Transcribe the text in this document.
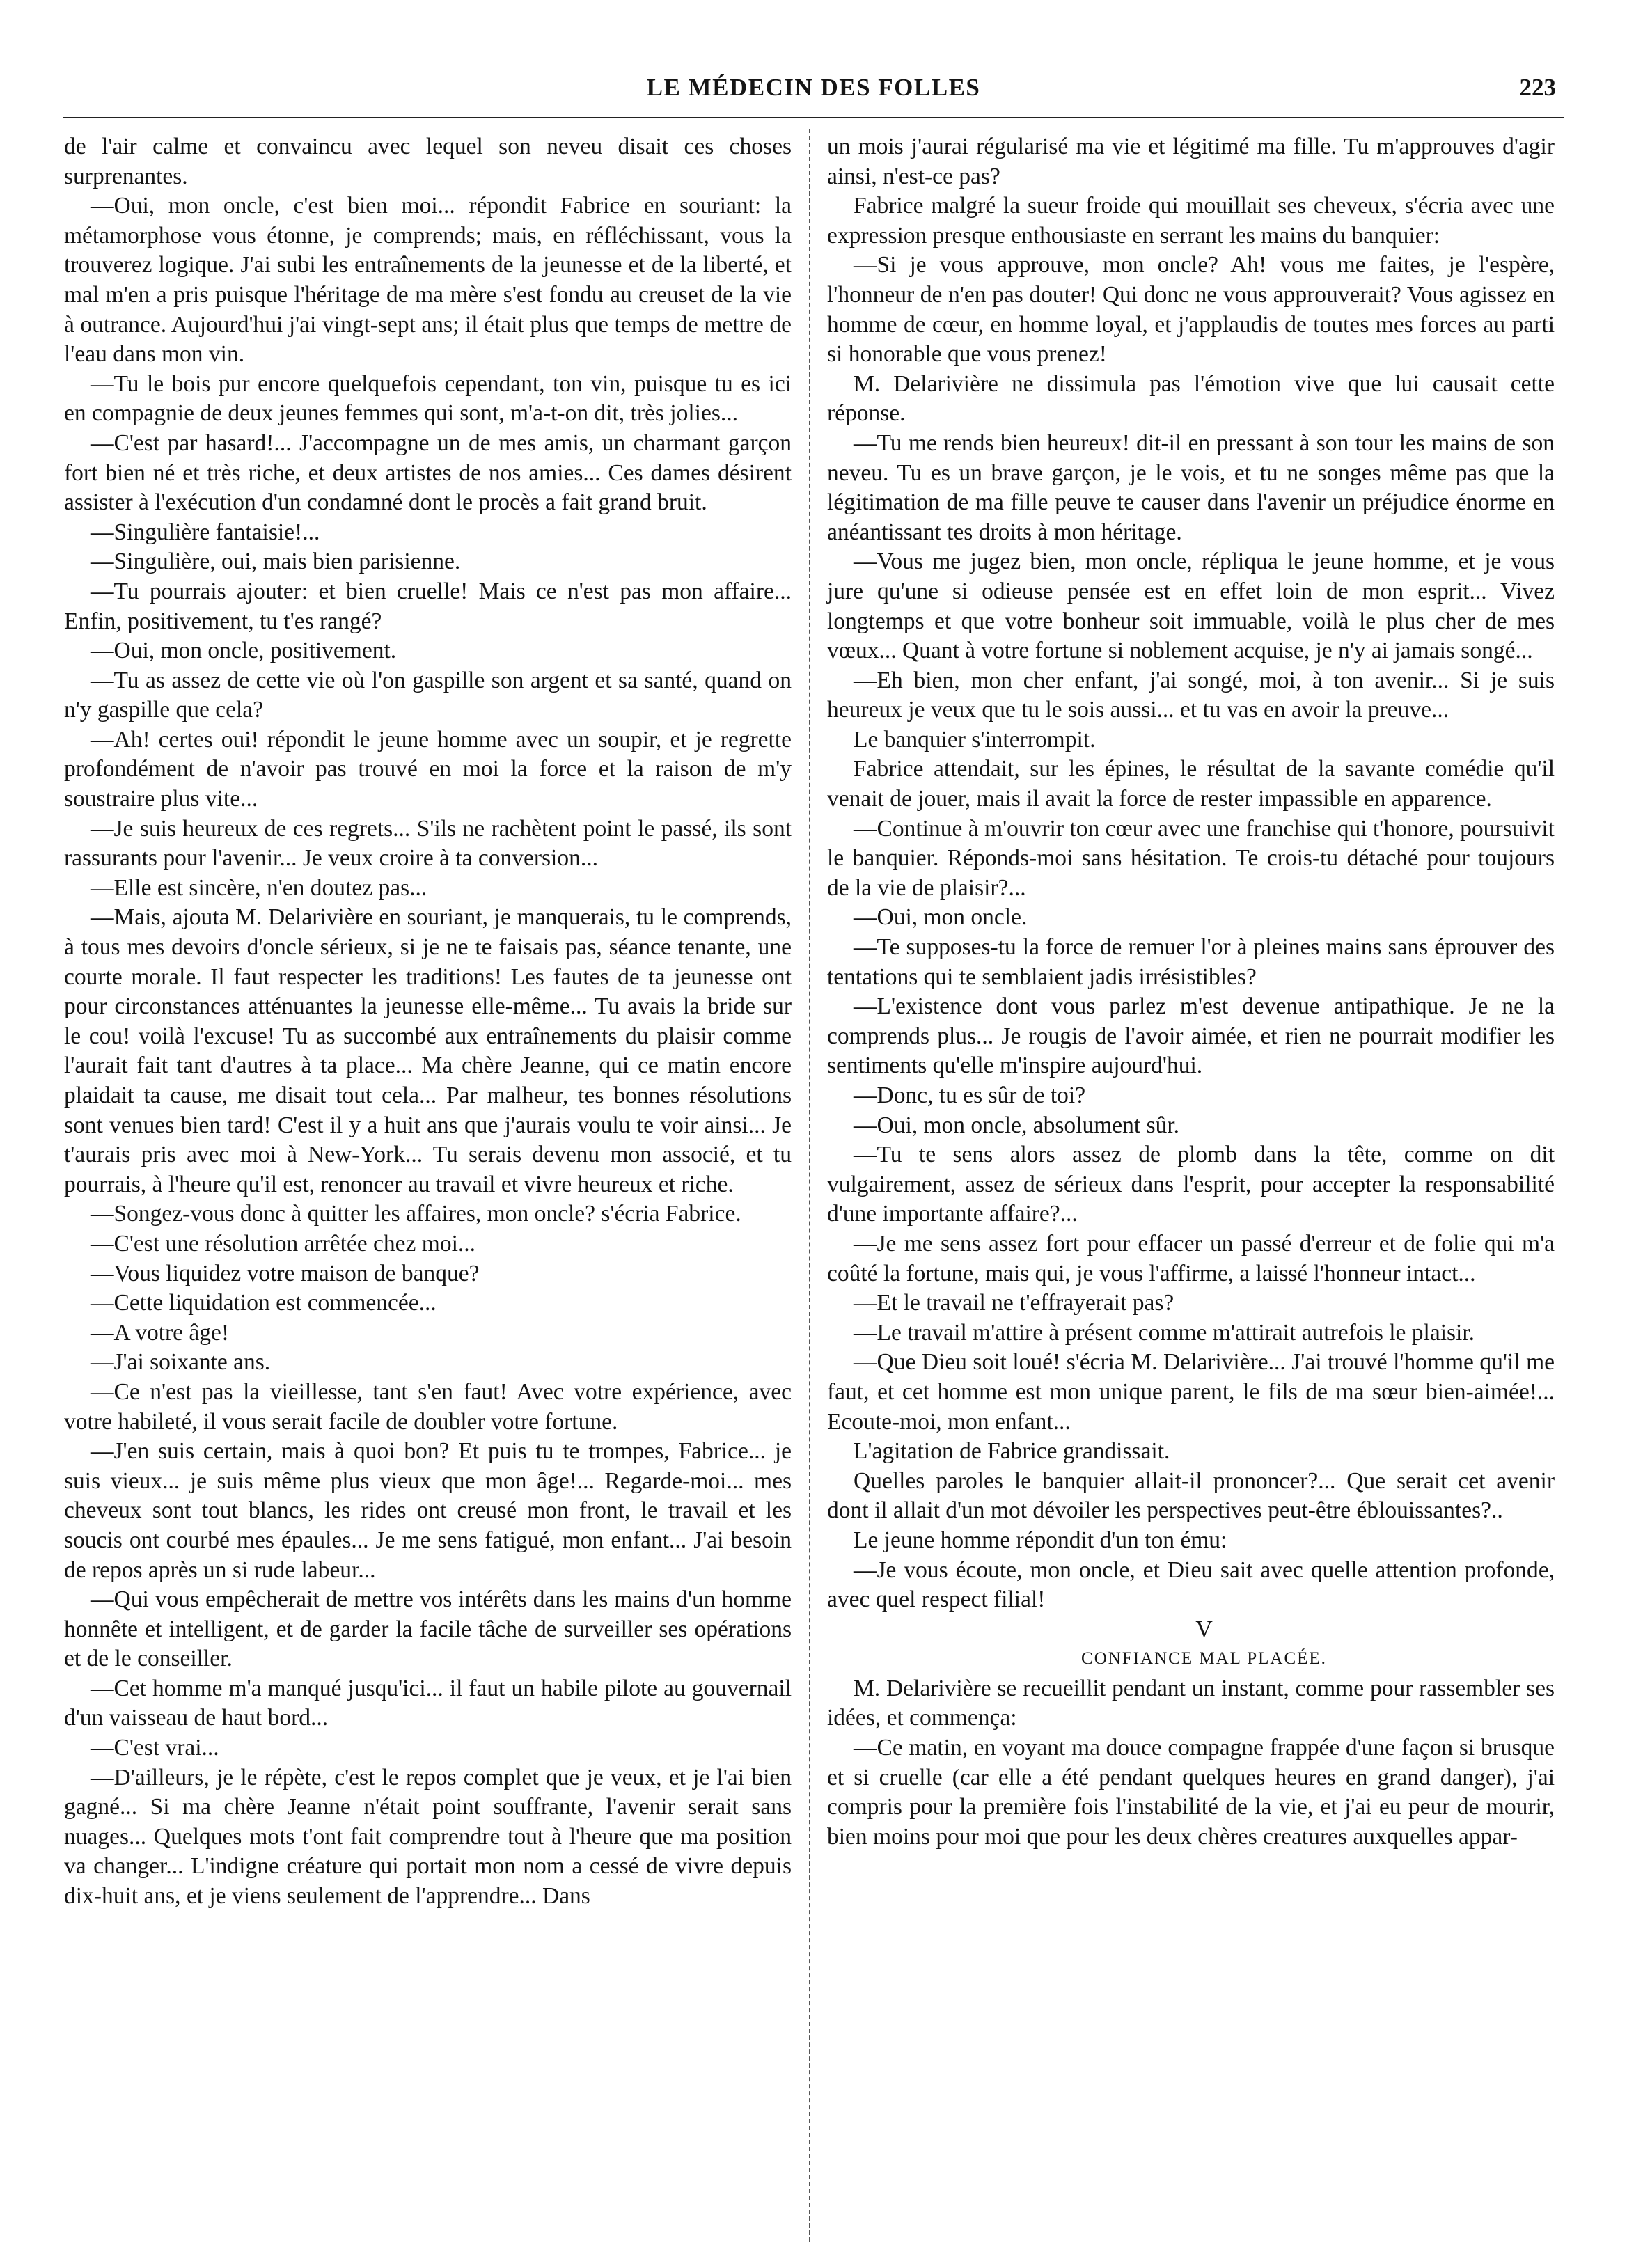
LE MÉDECIN DES FOLLES	223

de l'air calme et convaincu avec lequel son neveu disait ces choses surprenantes.

—Oui, mon oncle, c'est bien moi... répondit Fabrice en souriant: la métamorphose vous étonne, je comprends; mais, en réfléchissant, vous la trouverez logique. J'ai subi les entraînements de la jeunesse et de la liberté, et mal m'en a pris puisque l'héritage de ma mère s'est fondu au creuset de la vie à outrance. Aujourd'hui j'ai vingt-sept ans; il était plus que temps de mettre de l'eau dans mon vin.

—Tu le bois pur encore quelquefois cependant, ton vin, puisque tu es ici en compagnie de deux jeunes femmes qui sont, m'a-t-on dit, très jolies...

—C'est par hasard!... J'accompagne un de mes amis, un charmant garçon fort bien né et très riche, et deux artistes de nos amies... Ces dames désirent assister à l'exécution d'un condamné dont le procès a fait grand bruit.

—Singulière fantaisie!...

—Singulière, oui, mais bien parisienne.

—Tu pourrais ajouter: et bien cruelle! Mais ce n'est pas mon affaire... Enfin, positivement, tu t'es rangé?

—Oui, mon oncle, positivement.

—Tu as assez de cette vie où l'on gaspille son argent et sa santé, quand on n'y gaspille que cela?

—Ah! certes oui! répondit le jeune homme avec un soupir, et je regrette profondément de n'avoir pas trouvé en moi la force et la raison de m'y soustraire plus vite...

—Je suis heureux de ces regrets... S'ils ne rachètent point le passé, ils sont rassurants pour l'avenir... Je veux croire à ta conversion...

—Elle est sincère, n'en doutez pas...

—Mais, ajouta M. Delarivière en souriant, je manquerais, tu le comprends, à tous mes devoirs d'oncle sérieux, si je ne te faisais pas, séance tenante, une courte morale. Il faut respecter les traditions! Les fautes de ta jeunesse ont pour circonstances atténuantes la jeunesse elle-même... Tu avais la bride sur le cou! voilà l'excuse! Tu as succombé aux entraînements du plaisir comme l'aurait fait tant d'autres à ta place... Ma chère Jeanne, qui ce matin encore plaidait ta cause, me disait tout cela... Par malheur, tes bonnes résolutions sont venues bien tard! C'est il y a huit ans que j'aurais voulu te voir ainsi... Je t'aurais pris avec moi à New-York... Tu serais devenu mon associé, et tu pourrais, à l'heure qu'il est, renoncer au travail et vivre heureux et riche.

—Songez-vous donc à quitter les affaires, mon oncle? s'écria Fabrice.

—C'est une résolution arrêtée chez moi...

—Vous liquidez votre maison de banque?

—Cette liquidation est commencée...

—A votre âge!

—J'ai soixante ans.

—Ce n'est pas la vieillesse, tant s'en faut! Avec votre expérience, avec votre habileté, il vous serait facile de doubler votre fortune.

—J'en suis certain, mais à quoi bon? Et puis tu te trompes, Fabrice... je suis vieux... je suis même plus vieux que mon âge!... Regarde-moi... mes cheveux sont tout blancs, les rides ont creusé mon front, le travail et les soucis ont courbé mes épaules... Je me sens fatigué, mon enfant... J'ai besoin de repos après un si rude labeur...

—Qui vous empêcherait de mettre vos intérêts dans les mains d'un homme honnête et intelligent, et de garder la facile tâche de surveiller ses opérations et de le conseiller.

—Cet homme m'a manqué jusqu'ici... il faut un habile pilote au gouvernail d'un vaisseau de haut bord...

—C'est vrai...

—D'ailleurs, je le répète, c'est le repos complet que je veux, et je l'ai bien gagné... Si ma chère Jeanne n'était point souffrante, l'avenir serait sans nuages... Quelques mots t'ont fait comprendre tout à l'heure que ma position va changer... L'indigne créature qui portait mon nom a cessé de vivre depuis dix-huit ans, et je viens seulement de l'apprendre... Dans

un mois j'aurai régularisé ma vie et légitimé ma fille. Tu m'approuves d'agir ainsi, n'est-ce pas?

Fabrice malgré la sueur froide qui mouillait ses cheveux, s'écria avec une expression presque enthousiaste en serrant les mains du banquier:

—Si je vous approuve, mon oncle? Ah! vous me faites, je l'espère, l'honneur de n'en pas douter! Qui donc ne vous approuverait? Vous agissez en homme de cœur, en homme loyal, et j'applaudis de toutes mes forces au parti si honorable que vous prenez!

M. Delarivière ne dissimula pas l'émotion vive que lui causait cette réponse.

—Tu me rends bien heureux! dit-il en pressant à son tour les mains de son neveu. Tu es un brave garçon, je le vois, et tu ne songes même pas que la légitimation de ma fille peuve te causer dans l'avenir un préjudice énorme en anéantissant tes droits à mon héritage.

—Vous me jugez bien, mon oncle, répliqua le jeune homme, et je vous jure qu'une si odieuse pensée est en effet loin de mon esprit... Vivez longtemps et que votre bonheur soit immuable, voilà le plus cher de mes vœux... Quant à votre fortune si noblement acquise, je n'y ai jamais songé...

—Eh bien, mon cher enfant, j'ai songé, moi, à ton avenir... Si je suis heureux je veux que tu le sois aussi... et tu vas en avoir la preuve...

Le banquier s'interrompit.

Fabrice attendait, sur les épines, le résultat de la savante comédie qu'il venait de jouer, mais il avait la force de rester impassible en apparence.

—Continue à m'ouvrir ton cœur avec une franchise qui t'honore, poursuivit le banquier. Réponds-moi sans hésitation. Te crois-tu détaché pour toujours de la vie de plaisir?...

—Oui, mon oncle.

—Te supposes-tu la force de remuer l'or à pleines mains sans éprouver des tentations qui te semblaient jadis irrésistibles?

—L'existence dont vous parlez m'est devenue antipathique. Je ne la comprends plus... Je rougis de l'avoir aimée, et rien ne pourrait modifier les sentiments qu'elle m'inspire aujourd'hui.

—Donc, tu es sûr de toi?

—Oui, mon oncle, absolument sûr.

—Tu te sens alors assez de plomb dans la tête, comme on dit vulgairement, assez de sérieux dans l'esprit, pour accepter la responsabilité d'une importante affaire?...

—Je me sens assez fort pour effacer un passé d'erreur et de folie qui m'a coûté la fortune, mais qui, je vous l'affirme, a laissé l'honneur intact...

—Et le travail ne t'effrayerait pas?

—Le travail m'attire à présent comme m'attirait autrefois le plaisir.

—Que Dieu soit loué! s'écria M. Delarivière... J'ai trouvé l'homme qu'il me faut, et cet homme est mon unique parent, le fils de ma sœur bien-aimée!... Ecoute-moi, mon enfant...

L'agitation de Fabrice grandissait.

Quelles paroles le banquier allait-il prononcer?... Que serait cet avenir dont il allait d'un mot dévoiler les perspectives peut-être éblouissantes?..

Le jeune homme répondit d'un ton ému:

—Je vous écoute, mon oncle, et Dieu sait avec quelle attention profonde, avec quel respect filial!

V

CONFIANCE MAL PLACÉE.

M. Delarivière se recueillit pendant un instant, comme pour rassembler ses idées, et commença:

—Ce matin, en voyant ma douce compagne frappée d'une façon si brusque et si cruelle (car elle a été pendant quelques heures en grand danger), j'ai compris pour la première fois l'instabilité de la vie, et j'ai eu peur de mourir, bien moins pour moi que pour les deux chères creatures auxquelles appar-
